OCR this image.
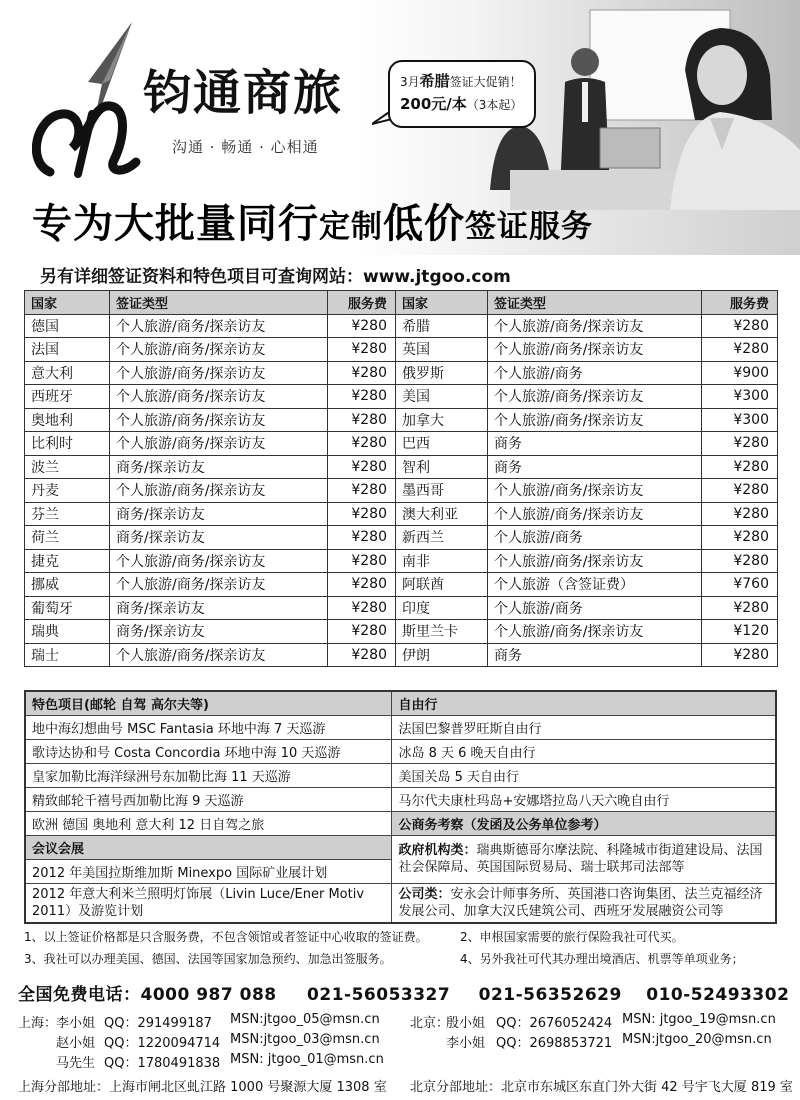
钧通商旅
沟通 · 畅通 · 心相通
3月希腊签证大促销！
200元/本（3本起）
专为大批量同行定制低价签证服务
另有详细签证资料和特色项目可查询网站：www.jtgoo.com
国家	签证类型	服务费	国家	签证类型	服务费
德国	个人旅游/商务/探亲访友	¥280	希腊	个人旅游/商务/探亲访友	¥280
法国	个人旅游/商务/探亲访友	¥280	英国	个人旅游/商务/探亲访友	¥280
意大利	个人旅游/商务/探亲访友	¥280	俄罗斯	个人旅游/商务	¥900
西班牙	个人旅游/商务/探亲访友	¥280	美国	个人旅游/商务/探亲访友	¥300
奥地利	个人旅游/商务/探亲访友	¥280	加拿大	个人旅游/商务/探亲访友	¥300
比利时	个人旅游/商务/探亲访友	¥280	巴西	商务	¥280
波兰	商务/探亲访友	¥280	智利	商务	¥280
丹麦	个人旅游/商务/探亲访友	¥280	墨西哥	个人旅游/商务/探亲访友	¥280
芬兰	商务/探亲访友	¥280	澳大利亚	个人旅游/商务/探亲访友	¥280
荷兰	商务/探亲访友	¥280	新西兰	个人旅游/商务	¥280
捷克	个人旅游/商务/探亲访友	¥280	南非	个人旅游/商务/探亲访友	¥280
挪威	个人旅游/商务/探亲访友	¥280	阿联酋	个人旅游（含签证费）	¥760
葡萄牙	商务/探亲访友	¥280	印度	个人旅游/商务	¥280
瑞典	商务/探亲访友	¥280	斯里兰卡	个人旅游/商务/探亲访友	¥120
瑞士	个人旅游/商务/探亲访友	¥280	伊朗	商务	¥280
特色项目(邮轮 自驾 高尔夫等)	自由行
地中海幻想曲号 MSC Fantasia 环地中海 7 天巡游	法国巴黎普罗旺斯自由行
歌诗达协和号 Costa Concordia 环地中海 10 天巡游	冰岛 8 天 6 晚天自由行
皇家加勒比海洋绿洲号东加勒比海 11 天巡游	美国关岛 5 天自由行
精致邮轮千禧号西加勒比海 9 天巡游	马尔代夫康杜玛岛+安娜塔拉岛八天六晚自由行
欧洲 德国 奥地利 意大利 12 日自驾之旅	公商务考察（发函及公务单位参考）
会议会展	政府机构类：瑞典斯德哥尔摩法院、科隆城市街道建设局、法国社会保障局、英国国际贸易局、瑞士联邦司法部等
2012 年美国拉斯维加斯 Minexpo 国际矿业展计划	
2012 年意大利米兰照明灯饰展（Livin Luce/Ener Motiv 2011）及游览计划	公司类：安永会计师事务所、英国港口咨询集团、法兰克福经济发展公司、加拿大汉氏建筑公司、西班牙发展融资公司等
1、以上签证价格都是只含服务费，不包含领馆或者签证中心收取的签证费。	2、申根国家需要的旅行保险我社可代买。
3、我社可以办理美国、德国、法国等国家加急预约、加急出签服务。	4、另外我社可代其办理出境酒店、机票等单项业务；
全国免费电话：4000 987 088 021-56053327 021-56352629 010-52493302
上海：
李小姐 QQ：291499187 MSN:jtgoo_05@msn.cn
赵小姐 QQ：1220094714 MSN:jtgoo_03@msn.cn
马先生 QQ：1780491838 MSN: jtgoo_01@msn.cn
北京：
殷小姐 QQ：2676052424 MSN: jtgoo_19@msn.cn
李小姐 QQ：2698853721 MSN:jtgoo_20@msn.cn
上海分部地址：上海市闸北区虬江路 1000 号聚源大厦 1308 室 北京分部地址：北京市东城区东直门外大街 42 号宇飞大厦 819 室
